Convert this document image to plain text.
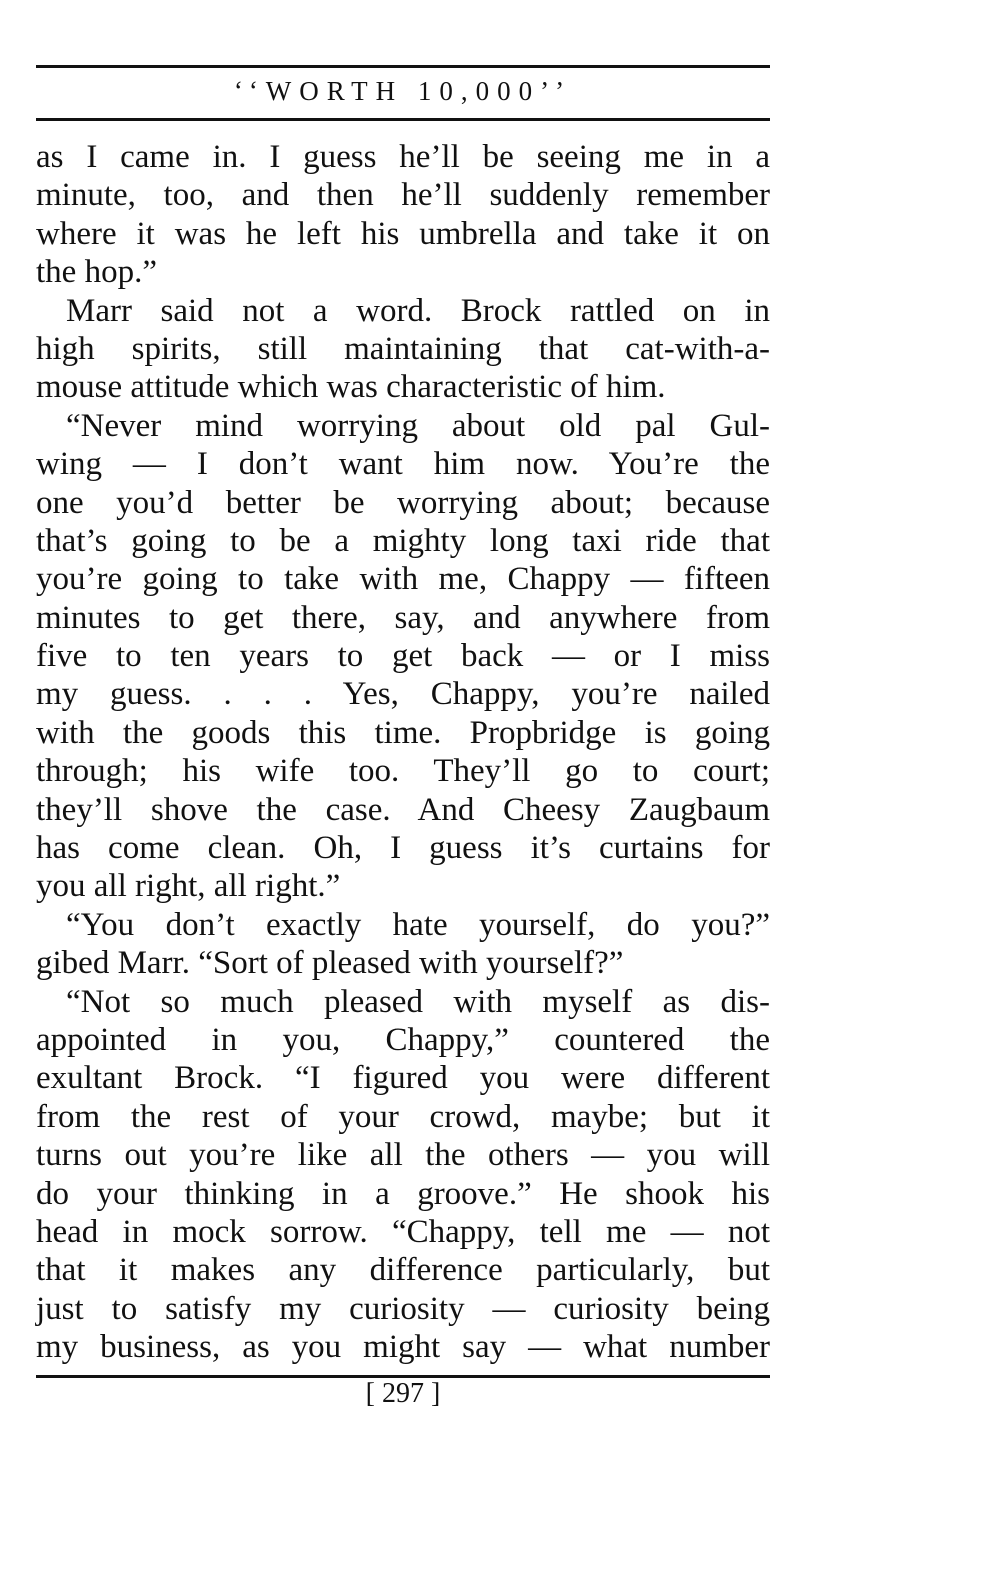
‘‘WORTH 10,000’’
as I came in. I guess he’ll be seeing me in a
minute, too, and then he’ll suddenly remember
where it was he left his umbrella and take it on
the hop.”
Marr said not a word. Brock rattled on in
high spirits, still maintaining that cat-with-a-
mouse attitude which was characteristic of him.
“Never mind worrying about old pal Gul-
wing — I don’t want him now. You’re the
one you’d better be worrying about; because
that’s going to be a mighty long taxi ride that
you’re going to take with me, Chappy — fifteen
minutes to get there, say, and anywhere from
five to ten years to get back — or I miss
my guess. . . . Yes, Chappy, you’re nailed
with the goods this time. Propbridge is going
through; his wife too. They’ll go to court;
they’ll shove the case. And Cheesy Zaugbaum
has come clean. Oh, I guess it’s curtains for
you all right, all right.”
“You don’t exactly hate yourself, do you?”
gibed Marr. “Sort of pleased with yourself?”
“Not so much pleased with myself as dis-
appointed in you, Chappy,” countered the
exultant Brock. “I figured you were different
from the rest of your crowd, maybe; but it
turns out you’re like all the others — you will
do your thinking in a groove.” He shook his
head in mock sorrow. “Chappy, tell me — not
that it makes any difference particularly, but
just to satisfy my curiosity — curiosity being
my business, as you might say — what number
[ 297 ]
